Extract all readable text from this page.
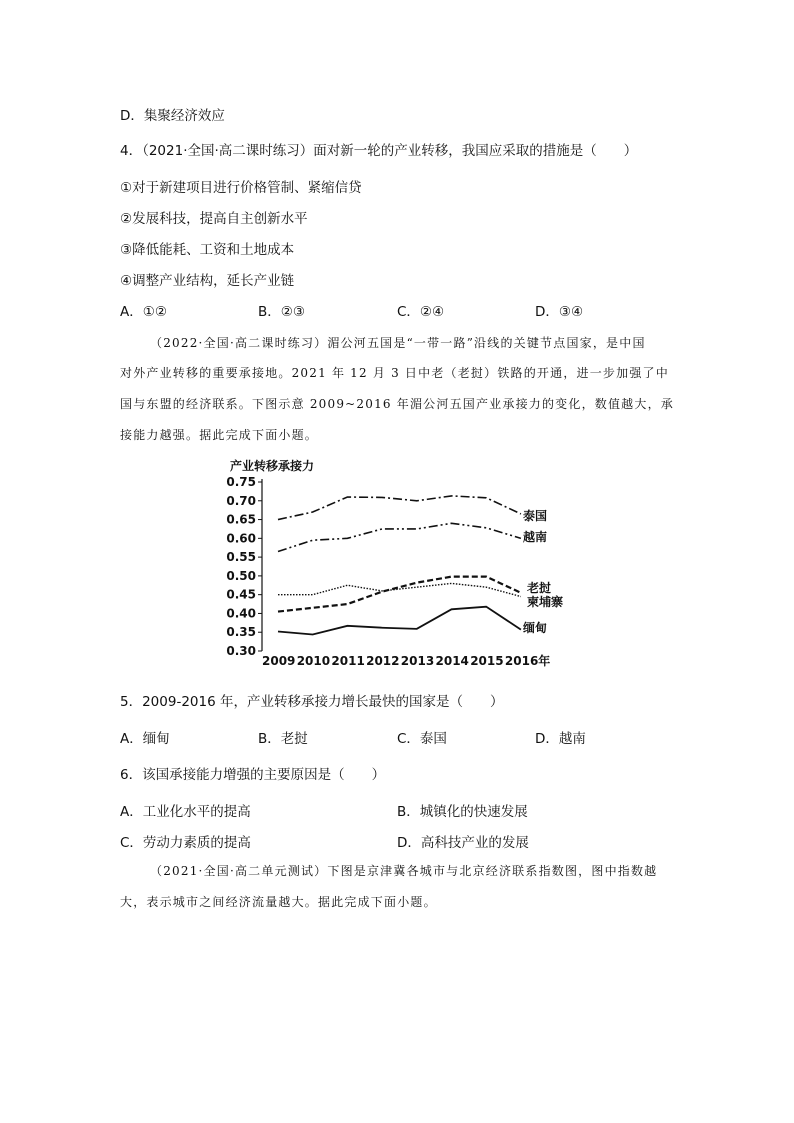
D．集聚经济效应
4．（2021·全国·高二课时练习）面对新一轮的产业转移，我国应采取的措施是（　　）
①对于新建项目进行价格管制、紧缩信贷
②发展科技，提高自主创新水平
③降低能耗、工资和土地成本
④调整产业结构，延长产业链
A．①②	B．②③	C．②④	D．③④
（2022·全国·高二课时练习）湄公河五国是“一带一路”沿线的关键节点国家，是中国
对外产业转移的重要承接地。2021 年 12 月 3 日中老（老挝）铁路的开通，进一步加强了中
国与东盟的经济联系。下图示意 2009~2016 年湄公河五国产业承接力的变化，数值越大，承
接能力越强。据此完成下面小题。
产业转移承接力
0.30
0.35
0.40
0.45
0.50
0.55
0.60
0.65
0.70
0.75
2009 2010 2011 2012 2013 2014 2015 2016年
泰国
越南
老挝
柬埔寨
缅甸
5．2009-2016 年，产业转移承接力增长最快的国家是（　　）
A．缅甸	B．老挝	C．泰国	D．越南
6．该国承接能力增强的主要原因是（　　）
A．工业化水平的提高	B．城镇化的快速发展
C．劳动力素质的提高	D．高科技产业的发展
（2021·全国·高二单元测试）下图是京津冀各城市与北京经济联系指数图，图中指数越
大，表示城市之间经济流量越大。据此完成下面小题。
